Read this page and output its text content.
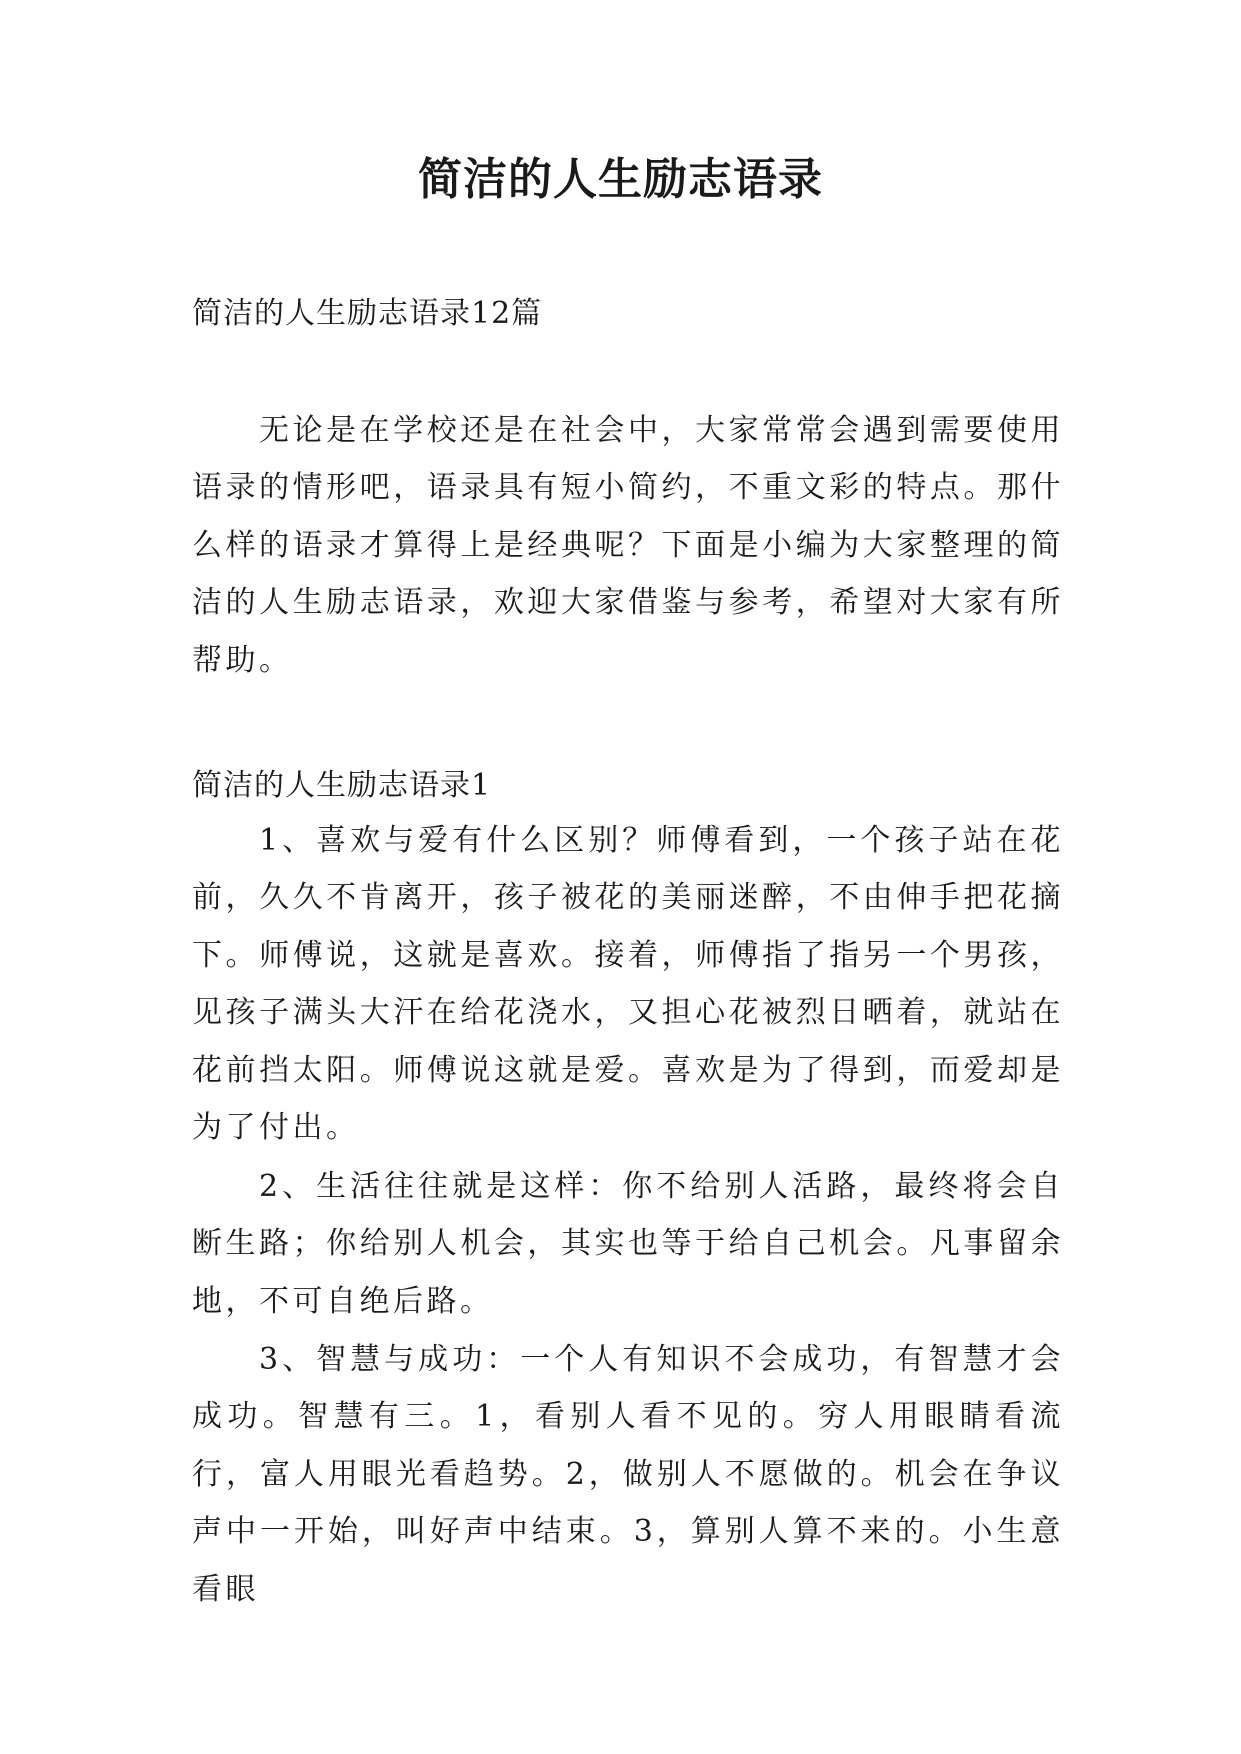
简洁的人生励志语录

简洁的人生励志语录12篇

无论是在学校还是在社会中，大家常常会遇到需要使用语录的情形吧，语录具有短小简约，不重文彩的特点。那什么样的语录才算得上是经典呢？下面是小编为大家整理的简洁的人生励志语录，欢迎大家借鉴与参考，希望对大家有所帮助。

简洁的人生励志语录1

1、喜欢与爱有什么区别？师傅看到，一个孩子站在花前，久久不肯离开，孩子被花的美丽迷醉，不由伸手把花摘下。师傅说，这就是喜欢。接着，师傅指了指另一个男孩，见孩子满头大汗在给花浇水，又担心花被烈日晒着，就站在花前挡太阳。师傅说这就是爱。喜欢是为了得到，而爱却是为了付出。

2、生活往往就是这样：你不给别人活路，最终将会自断生路；你给别人机会，其实也等于给自己机会。凡事留余地，不可自绝后路。

3、智慧与成功：一个人有知识不会成功，有智慧才会成功。智慧有三。1，看别人看不见的。穷人用眼睛看流行，富人用眼光看趋势。2，做别人不愿做的。机会在争议声中一开始，叫好声中结束。3，算别人算不来的。小生意看眼
